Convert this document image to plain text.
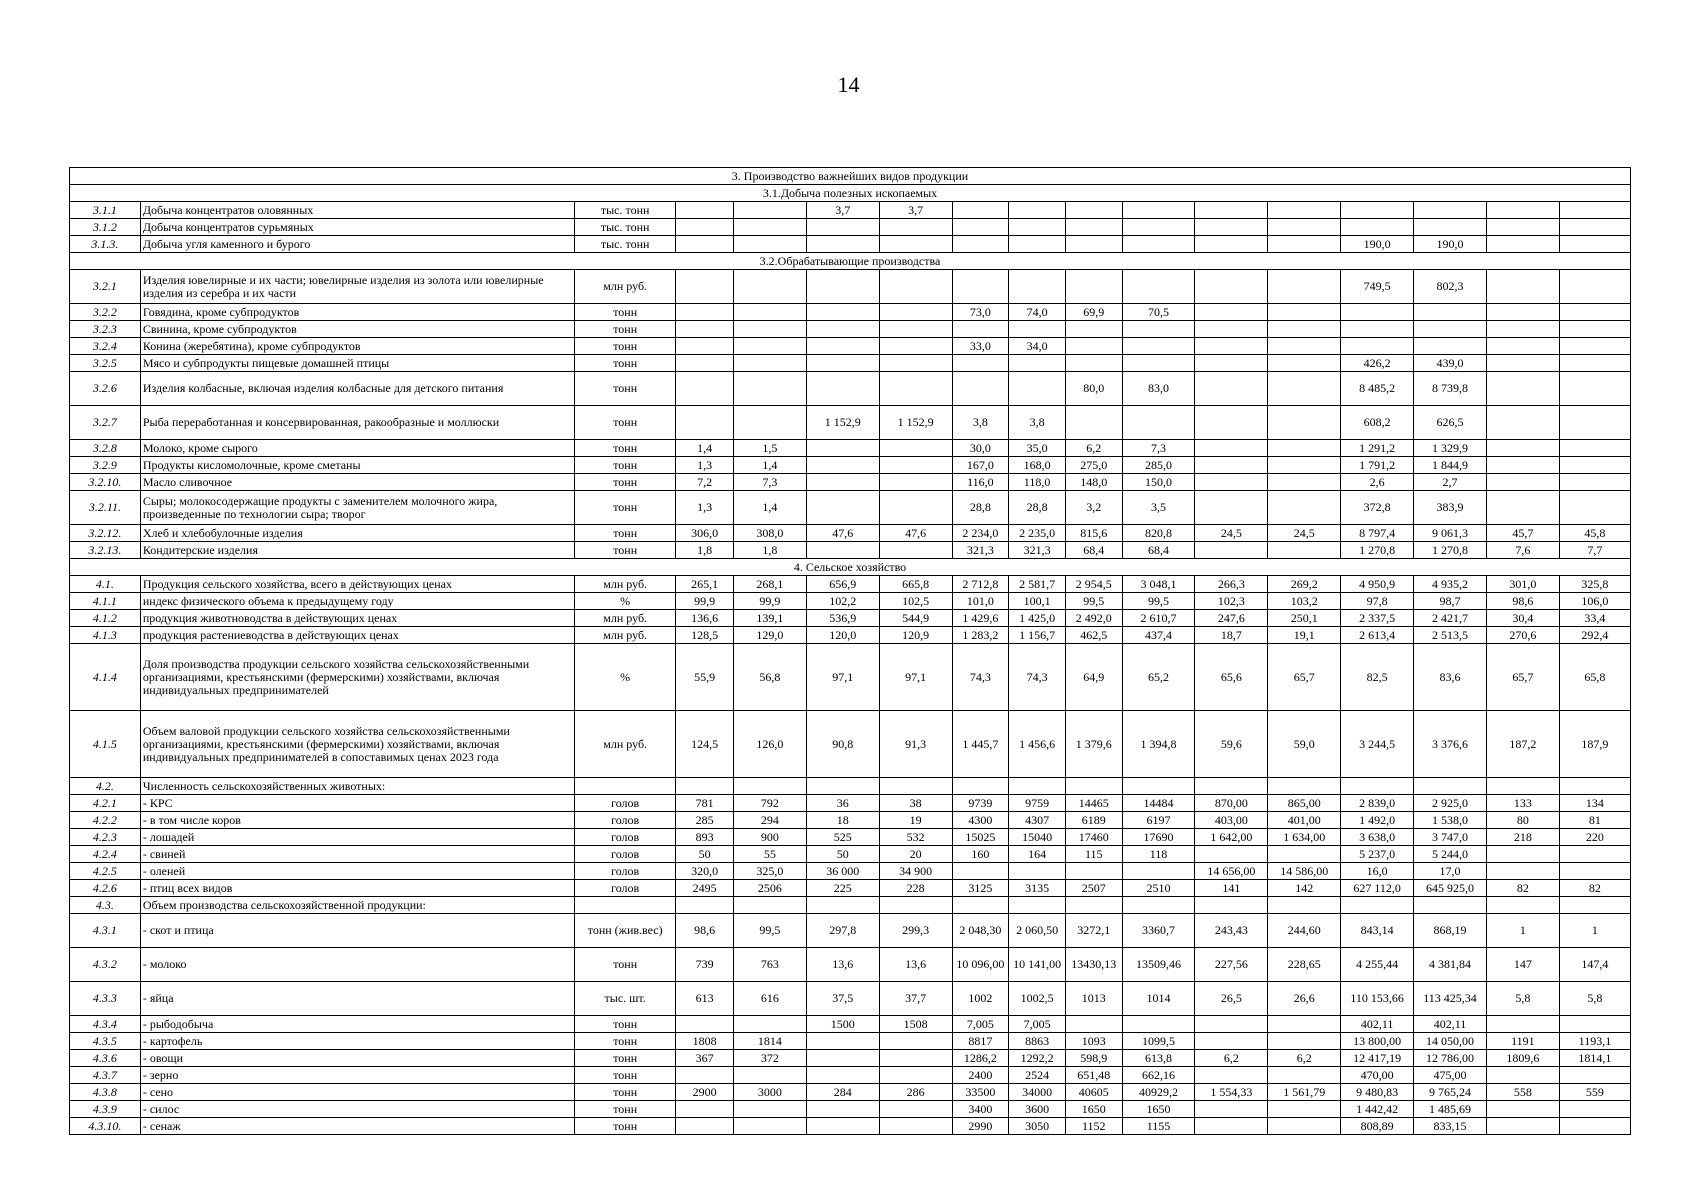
14
3. Производство важнейших видов продукции																
3.1.Добыча полезных ископаемых																
3.1.1	Добыча концентратов оловянных	тыс. тонн			3,7	3,7										
3.1.2	Добыча концентратов сурьмяных	тыс. тонн														
3.1.3.	Добыча угля каменного и бурого	тыс. тонн											190,0	190,0		
3.2.Обрабатывающие производства																
3.2.1	Изделия ювелирные и их части; ювелирные изделия из золота или ювелирные изделия из серебра и их части	млн руб.											749,5	802,3		
3.2.2	Говядина, кроме субпродуктов	тонн					73,0	74,0	69,9	70,5						
3.2.3	Свинина, кроме субпродуктов	тонн														
3.2.4	Конина (жеребятина), кроме субпродуктов	тонн					33,0	34,0								
3.2.5	Мясо и субпродукты пищевые домашней птицы	тонн											426,2	439,0		
3.2.6	Изделия колбасные, включая изделия колбасные для детского питания	тонн							80,0	83,0			8 485,2	8 739,8		
3.2.7	Рыба переработанная и консервированная, ракообразные и моллюски	тонн			1 152,9	1 152,9	3,8	3,8					608,2	626,5		
3.2.8	Молоко, кроме сырого	тонн	1,4	1,5			30,0	35,0	6,2	7,3			1 291,2	1 329,9		
3.2.9	Продукты кисломолочные, кроме сметаны	тонн	1,3	1,4			167,0	168,0	275,0	285,0			1 791,2	1 844,9		
3.2.10.	Масло сливочное	тонн	7,2	7,3			116,0	118,0	148,0	150,0			2,6	2,7		
3.2.11.	Сыры; молокосодержащие продукты с заменителем молочного жира, произведенные по технологии сыра; творог	тонн	1,3	1,4			28,8	28,8	3,2	3,5			372,8	383,9		
3.2.12.	Хлеб и хлебобулочные изделия	тонн	306,0	308,0	47,6	47,6	2 234,0	2 235,0	815,6	820,8	24,5	24,5	8 797,4	9 061,3	45,7	45,8
3.2.13.	Кондитерские изделия	тонн	1,8	1,8			321,3	321,3	68,4	68,4			1 270,8	1 270,8	7,6	7,7
4. Сельское хозяйство																
4.1.	Продукция сельского хозяйства, всего в действующих ценах	млн руб.	265,1	268,1	656,9	665,8	2 712,8	2 581,7	2 954,5	3 048,1	266,3	269,2	4 950,9	4 935,2	301,0	325,8
4.1.1	индекс физического объема к предыдущему году	%	99,9	99,9	102,2	102,5	101,0	100,1	99,5	99,5	102,3	103,2	97,8	98,7	98,6	106,0
4.1.2	продукция животноводства в действующих ценах	млн руб.	136,6	139,1	536,9	544,9	1 429,6	1 425,0	2 492,0	2 610,7	247,6	250,1	2 337,5	2 421,7	30,4	33,4
4.1.3	продукция растениеводства в действующих ценах	млн руб.	128,5	129,0	120,0	120,9	1 283,2	1 156,7	462,5	437,4	18,7	19,1	2 613,4	2 513,5	270,6	292,4
4.1.4	Доля производства продукции сельского хозяйства сельскохозяйственными организациями, крестьянскими (фермерскими) хозяйствами, включая индивидуальных предпринимателей	%	55,9	56,8	97,1	97,1	74,3	74,3	64,9	65,2	65,6	65,7	82,5	83,6	65,7	65,8
4.1.5	Объем валовой продукции сельского хозяйства сельскохозяйственными организациями, крестьянскими (фермерскими) хозяйствами, включая индивидуальных предпринимателей в сопоставимых ценах 2023 года	млн руб.	124,5	126,0	90,8	91,3	1 445,7	1 456,6	1 379,6	1 394,8	59,6	59,0	3 244,5	3 376,6	187,2	187,9
4.2.	Численность сельскохозяйственных животных:															
4.2.1	- КРС	голов	781	792	36	38	9739	9759	14465	14484	870,00	865,00	2 839,0	2 925,0	133	134
4.2.2	- в том числе коров	голов	285	294	18	19	4300	4307	6189	6197	403,00	401,00	1 492,0	1 538,0	80	81
4.2.3	- лошадей	голов	893	900	525	532	15025	15040	17460	17690	1 642,00	1 634,00	3 638,0	3 747,0	218	220
4.2.4	- свиней	голов	50	55	50	20	160	164	115	118			5 237,0	5 244,0		
4.2.5	- оленей	голов	320,0	325,0	36 000	34 900					14 656,00	14 586,00	16,0	17,0		
4.2.6	- птиц всех видов	голов	2495	2506	225	228	3125	3135	2507	2510	141	142	627 112,0	645 925,0	82	82
4.3.	Объем производства сельскохозяйственной продукции:															
4.3.1	- скот и птица	тонн (жив.вес)	98,6	99,5	297,8	299,3	2 048,30	2 060,50	3272,1	3360,7	243,43	244,60	843,14	868,19	1	1
4.3.2	- молоко	тонн	739	763	13,6	13,6	10 096,00	10 141,00	13430,13	13509,46	227,56	228,65	4 255,44	4 381,84	147	147,4
4.3.3	- яйца	тыс. шт.	613	616	37,5	37,7	1002	1002,5	1013	1014	26,5	26,6	110 153,66	113 425,34	5,8	5,8
4.3.4	- рыбодобыча	тонн			1500	1508	7,005	7,005					402,11	402,11		
4.3.5	- картофель	тонн	1808	1814			8817	8863	1093	1099,5			13 800,00	14 050,00	1191	1193,1
4.3.6	- овощи	тонн	367	372			1286,2	1292,2	598,9	613,8	6,2	6,2	12 417,19	12 786,00	1809,6	1814,1
4.3.7	- зерно	тонн					2400	2524	651,48	662,16			470,00	475,00		
4.3.8	- сено	тонн	2900	3000	284	286	33500	34000	40605	40929,2	1 554,33	1 561,79	9 480,83	9 765,24	558	559
4.3.9	- силос	тонн					3400	3600	1650	1650			1 442,42	1 485,69		
4.3.10.	- сенаж	тонн					2990	3050	1152	1155			808,89	833,15		
